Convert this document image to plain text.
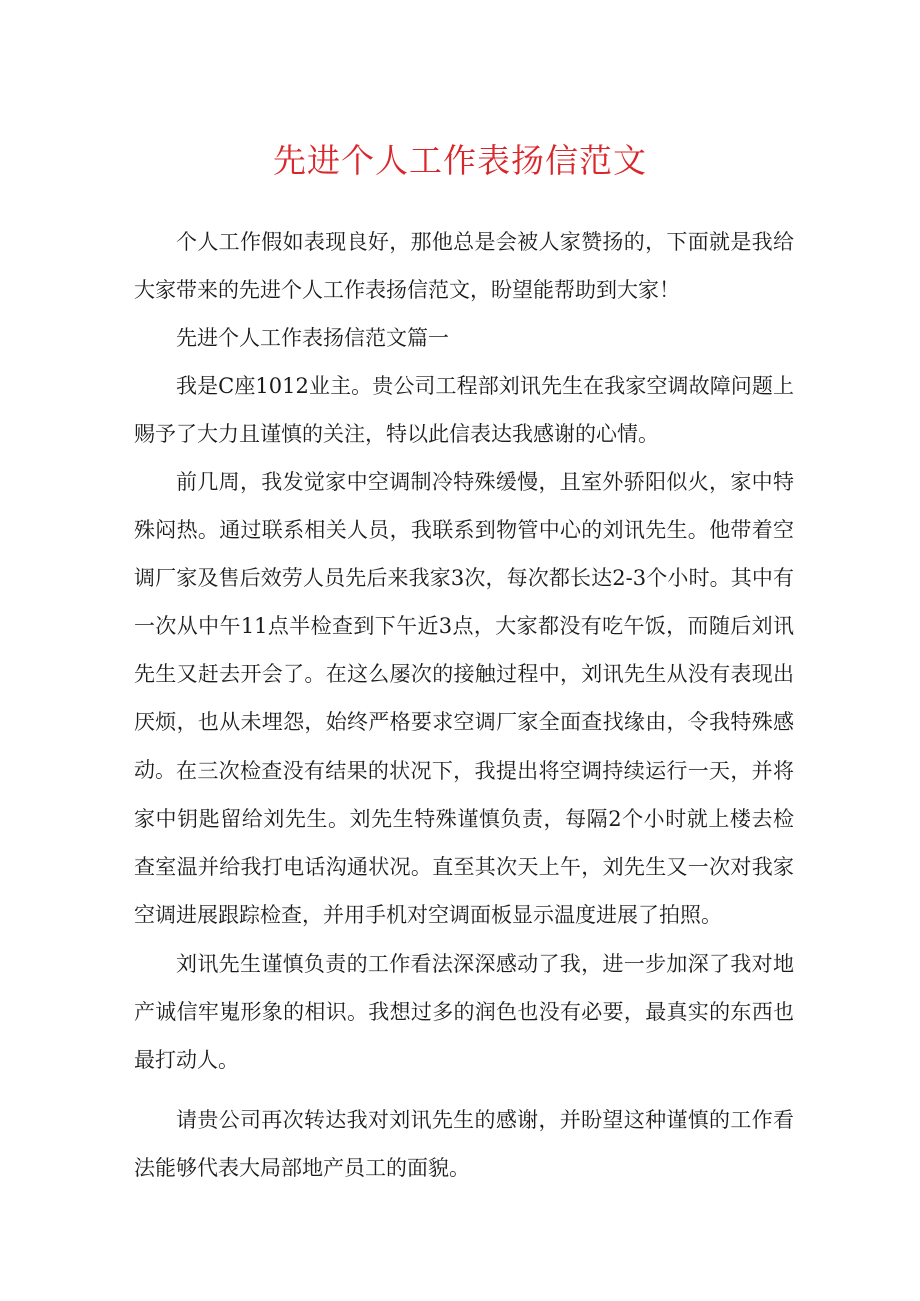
先进个人工作表扬信范文

个人工作假如表现良好，那他总是会被人家赞扬的，下面就是我给大家带来的先进个人工作表扬信范文，盼望能帮助到大家！

先进个人工作表扬信范文篇一

我是C座1012业主。贵公司工程部刘讯先生在我家空调故障问题上赐予了大力且谨慎的关注，特以此信表达我感谢的心情。

前几周，我发觉家中空调制冷特殊缓慢，且室外骄阳似火，家中特殊闷热。通过联系相关人员，我联系到物管中心的刘讯先生。他带着空调厂家及售后效劳人员先后来我家3次，每次都长达2-3个小时。其中有一次从中午11点半检查到下午近3点，大家都没有吃午饭，而随后刘讯先生又赶去开会了。在这么屡次的接触过程中，刘讯先生从没有表现出厌烦，也从未埋怨，始终严格要求空调厂家全面查找缘由，令我特殊感动。 在三次检查没有结果的状况下，我提出将空调持续运行一天，并将家中钥匙留给刘先生。刘先生特殊谨慎负责，每隔2个小时就上楼去检查室温并给我打电话沟通状况。直至其次天上午，刘先生又一次对我家空调进展跟踪检查，并用手机对空调面板显示温度进展了拍照。

刘讯先生谨慎负责的工作看法深深感动了我，进一步加深了我对地产诚信牢嵬形象的相识。我想过多的润色也没有必要，最真实的东西也最打动人。

请贵公司再次转达我对刘讯先生的感谢，并盼望这种谨慎的工作看法能够代表大局部地产员工的面貌。
